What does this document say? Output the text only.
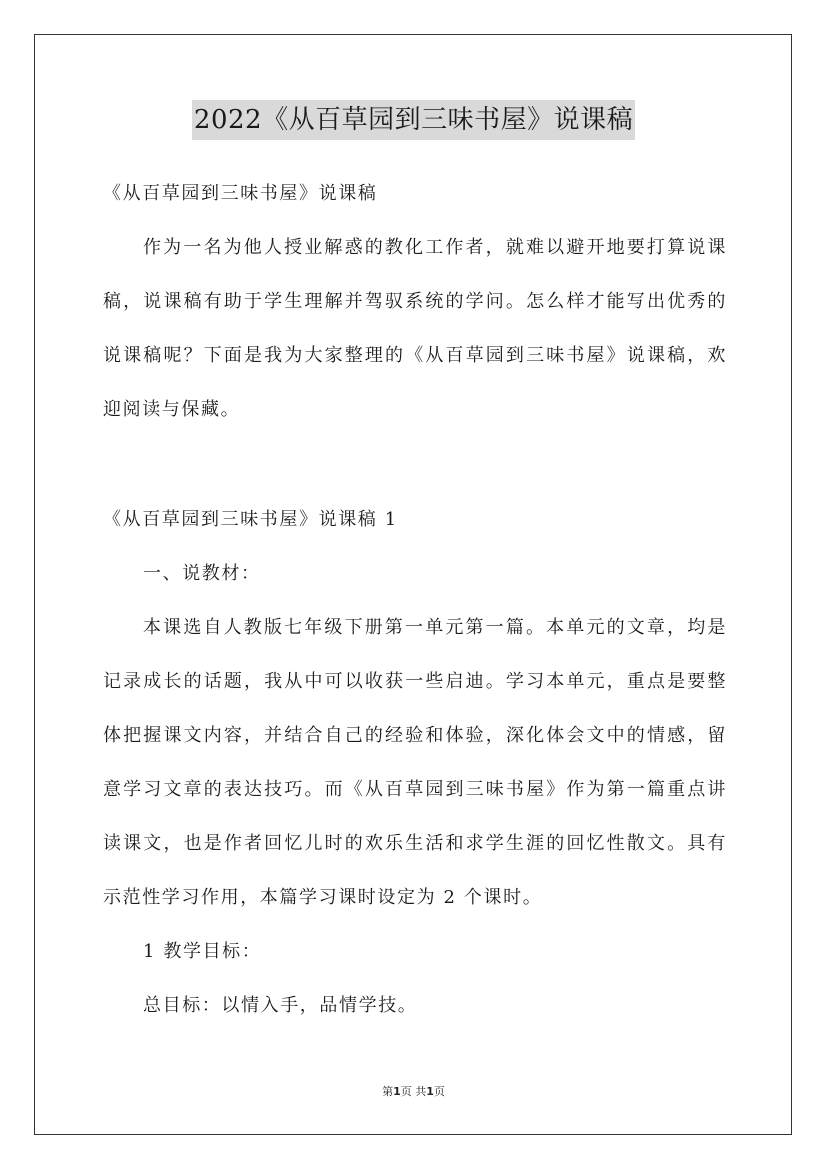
2022《从百草园到三味书屋》说课稿

《从百草园到三味书屋》说课稿

作为一名为他人授业解惑的教化工作者，就难以避开地要打算说课稿，说课稿有助于学生理解并驾驭系统的学问。怎么样才能写出优秀的说课稿呢？下面是我为大家整理的《从百草园到三味书屋》说课稿，欢迎阅读与保藏。

《从百草园到三味书屋》说课稿 1

一、说教材：

本课选自人教版七年级下册第一单元第一篇。本单元的文章，均是记录成长的话题，我从中可以收获一些启迪。学习本单元，重点是要整体把握课文内容，并结合自己的经验和体验，深化体会文中的情感，留意学习文章的表达技巧。而《从百草园到三味书屋》作为第一篇重点讲读课文，也是作者回忆儿时的欢乐生活和求学生涯的回忆性散文。具有示范性学习作用，本篇学习课时设定为 2 个课时。

1 教学目标：

总目标：以情入手，品情学技。

第1页 共1页
